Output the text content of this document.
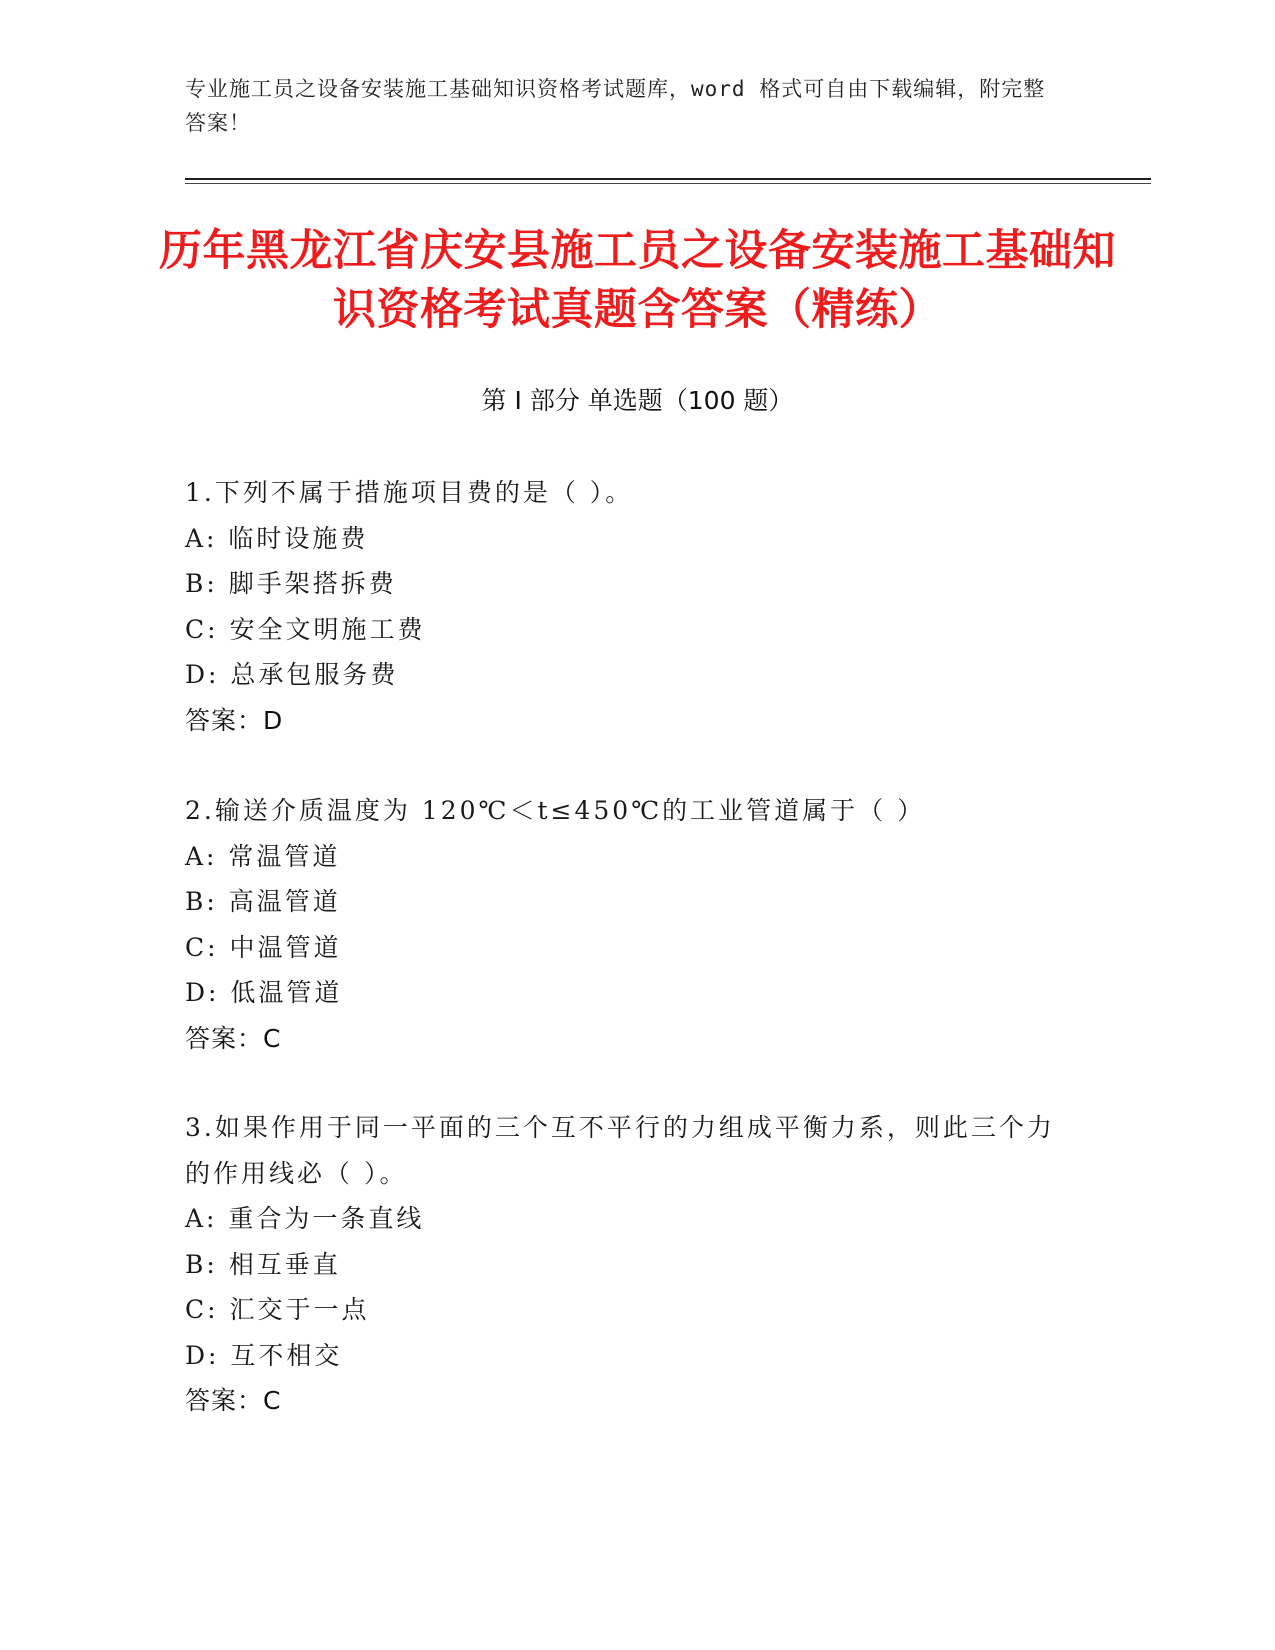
专业施工员之设备安装施工基础知识资格考试题库，word 格式可自由下载编辑，附完整答案！
历年黑龙江省庆安县施工员之设备安装施工基础知识资格考试真题含答案（精练）
第 I 部分 单选题（100 题）
1.下列不属于措施项目费的是（ ）。
A: 临时设施费
B: 脚手架搭拆费
C: 安全文明施工费
D: 总承包服务费
答案：D
2.输送介质温度为 120℃＜t≤450℃的工业管道属于（ ）
A: 常温管道
B: 高温管道
C: 中温管道
D: 低温管道
答案：C
3.如果作用于同一平面的三个互不平行的力组成平衡力系，则此三个力的作用线必（ ）。
A: 重合为一条直线
B: 相互垂直
C: 汇交于一点
D: 互不相交
答案：C
